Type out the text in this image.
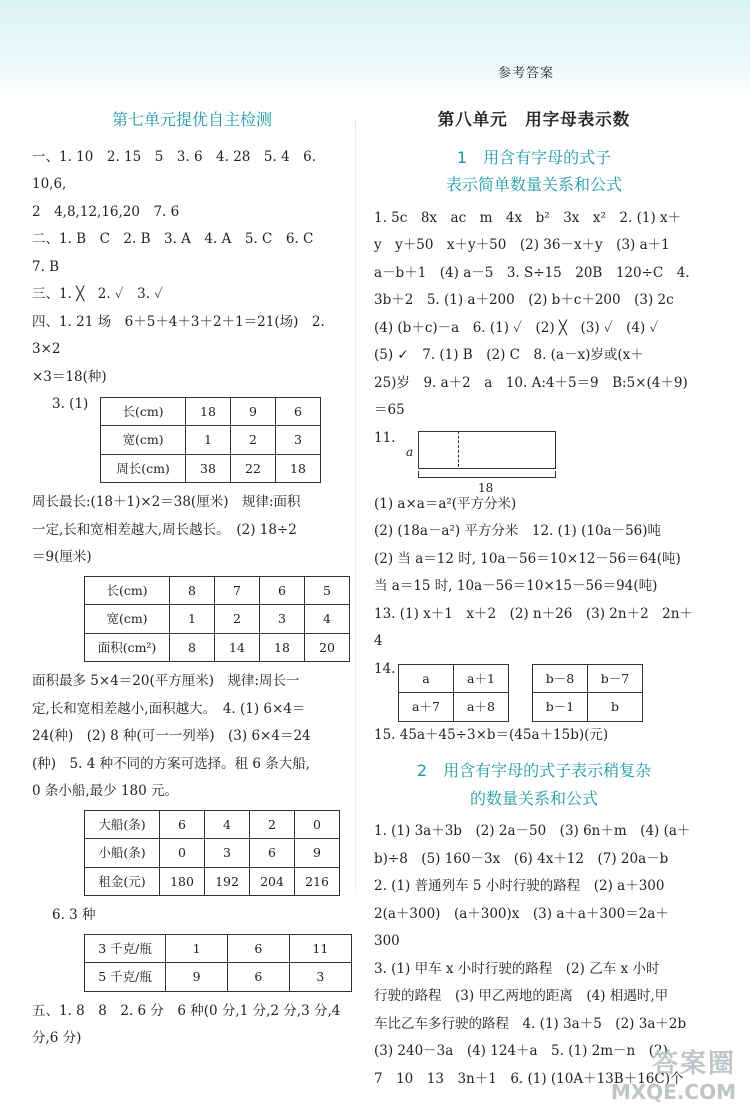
参考答案
第七单元提优自主检测
一、1. 10　2. 15　5　3. 6　4. 28　5. 4　6. 10,6,
2　4,8,12,16,20　7. 6
二、1. B　C　2. B　3. A　4. A　5. C　6. C
7. B
三、1. ╳　2. ✓　3. ✓
四、1. 21 场　6＋5＋4＋3＋2＋1＝21(场)　2. 3×2
×3＝18(种)
3. (1)	长(cm)	18	9	6
宽(cm)	1	2	3
周长(cm)	38	22	18
周长最长:(18＋1)×2＝38(厘米)　规律:面积
一定,长和宽相差越大,周长越长。　(2) 18÷2
＝9(厘米)
长(cm)	8	7	6	5
宽(cm)	1	2	3	4
面积(cm²)	8	14	18	20
面积最多 5×4＝20(平方厘米)　规律:周长一
定,长和宽相差越小,面积越大。　4. (1) 6×4＝
24(种)　(2) 8 种(可一一列举)　(3) 6×4＝24
(种)　5. 4 种不同的方案可选择。租 6 条大船,
0 条小船,最少 180 元。
大船(条)	6	4	2	0
小船(条)	0	3	6	9
租金(元)	180	192	204	216
6. 3 种
3 千克/瓶	1	6	11
5 千克/瓶	9	6	3
五、1. 8　8　2. 6 分　6 种(0 分,1 分,2 分,3 分,4
分,6 分)
第八单元　用字母表示数
1　用含有字母的式子
表示简单数量关系和公式
1. 5c　8x　ac　m　4x　b²　3x　x²　2. (1) x＋
y　y＋50　x＋y＋50　(2) 36－x＋y　(3) a＋1
a－b＋1　(4) a－5　3. S÷15　20B　120÷C　4.
3b＋2　5. (1) a＋200　(2) b＋c＋200　(3) 2c
(4) (b＋c)－a　6. (1) ✓　(2) ╳　(3) ✓　(4) ✓
(5) ✓　7. (1) B　(2) C　8. (a－x)岁或(x＋
25)岁　9. a＋2　a　10. A:4＋5＝9　B:5×(4＋9)
＝65
11.
a
18
(1) a×a＝a²(平方分米)
(2) (18a－a²) 平方分米　12. (1) (10a－56)吨
(2) 当 a＝12 时, 10a－56＝10×12－56＝64(吨)
当 a＝15 时, 10a－56＝10×15－56＝94(吨)
13. (1) x＋1　x＋2　(2) n＋26　(3) 2n＋2　2n＋4
14.
a	a＋1
a＋7	a＋8
b－8	b－7
b－1	b
15. 45a＋45÷3×b＝(45a＋15b)(元)
2　用含有字母的式子表示稍复杂
的数量关系和公式
1. (1) 3a＋3b　(2) 2a－50　(3) 6n＋m　(4) (a＋
b)÷8　(5) 160－3x　(6) 4x＋12　(7) 20a－b
2. (1) 普通列车 5 小时行驶的路程　(2) a＋300
2(a＋300)　(a＋300)x　(3) a＋a＋300＝2a＋300
3. (1) 甲车 x 小时行驶的路程　(2) 乙车 x 小时
行驶的路程　(3) 甲乙两地的距离　(4) 相遇时,甲
车比乙车多行驶的路程　4. (1) 3a＋5　(2) 3a＋2b
(3) 240－3a　(4) 124＋a　5. (1) 2m－n　(2)
7　10　13　3n＋1　6. (1) (10A＋13B＋16C)个
答案圈
MXQE.COM
